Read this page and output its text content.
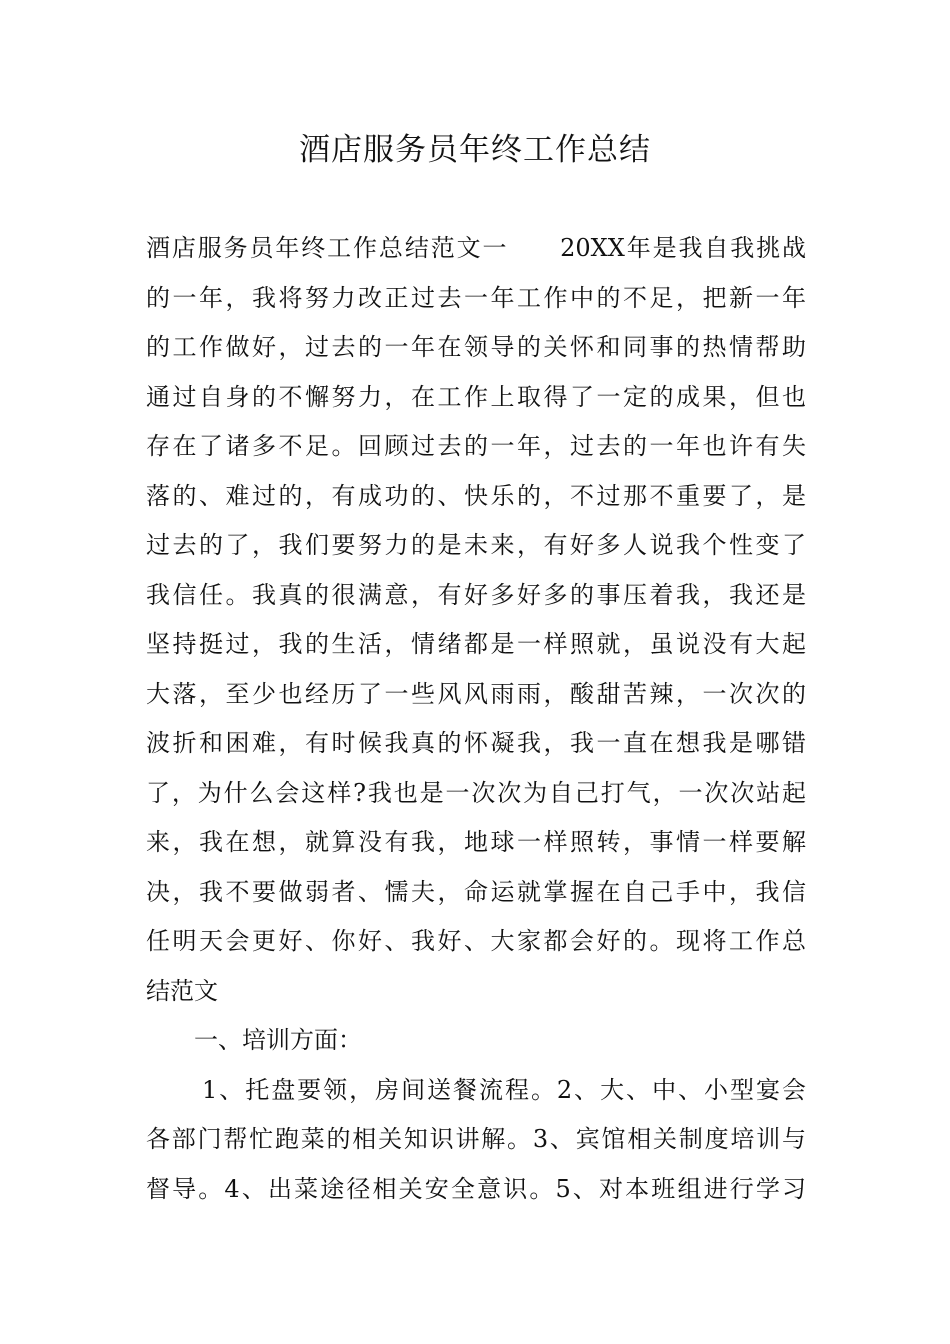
酒店服务员年终工作总结
酒店服务员年终工作总结范文一　　20XX年是我自我挑战
的一年，我将努力改正过去一年工作中的不足，把新一年
的工作做好，过去的一年在领导的关怀和同事的热情帮助
通过自身的不懈努力，在工作上取得了一定的成果，但也
存在了诸多不足。回顾过去的一年，过去的一年也许有失
落的、难过的，有成功的、快乐的，不过那不重要了，是
过去的了，我们要努力的是未来，有好多人说我个性变了
我信任。我真的很满意，有好多好多的事压着我，我还是
坚持挺过，我的生活，情绪都是一样照就，虽说没有大起
大落，至少也经历了一些风风雨雨，酸甜苦辣，一次次的
波折和困难，有时候我真的怀凝我，我一直在想我是哪错
了，为什么会这样?我也是一次次为自己打气，一次次站起
来，我在想，就算没有我，地球一样照转，事情一样要解
决，我不要做弱者、懦夫，命运就掌握在自己手中，我信
任明天会更好、你好、我好、大家都会好的。现将工作总
结范文
一、培训方面：
1、托盘要领，房间送餐流程。2、大、中、小型宴会
各部门帮忙跑菜的相关知识讲解。3、宾馆相关制度培训与
督导。4、出菜途径相关安全意识。5、对本班组进行学习
